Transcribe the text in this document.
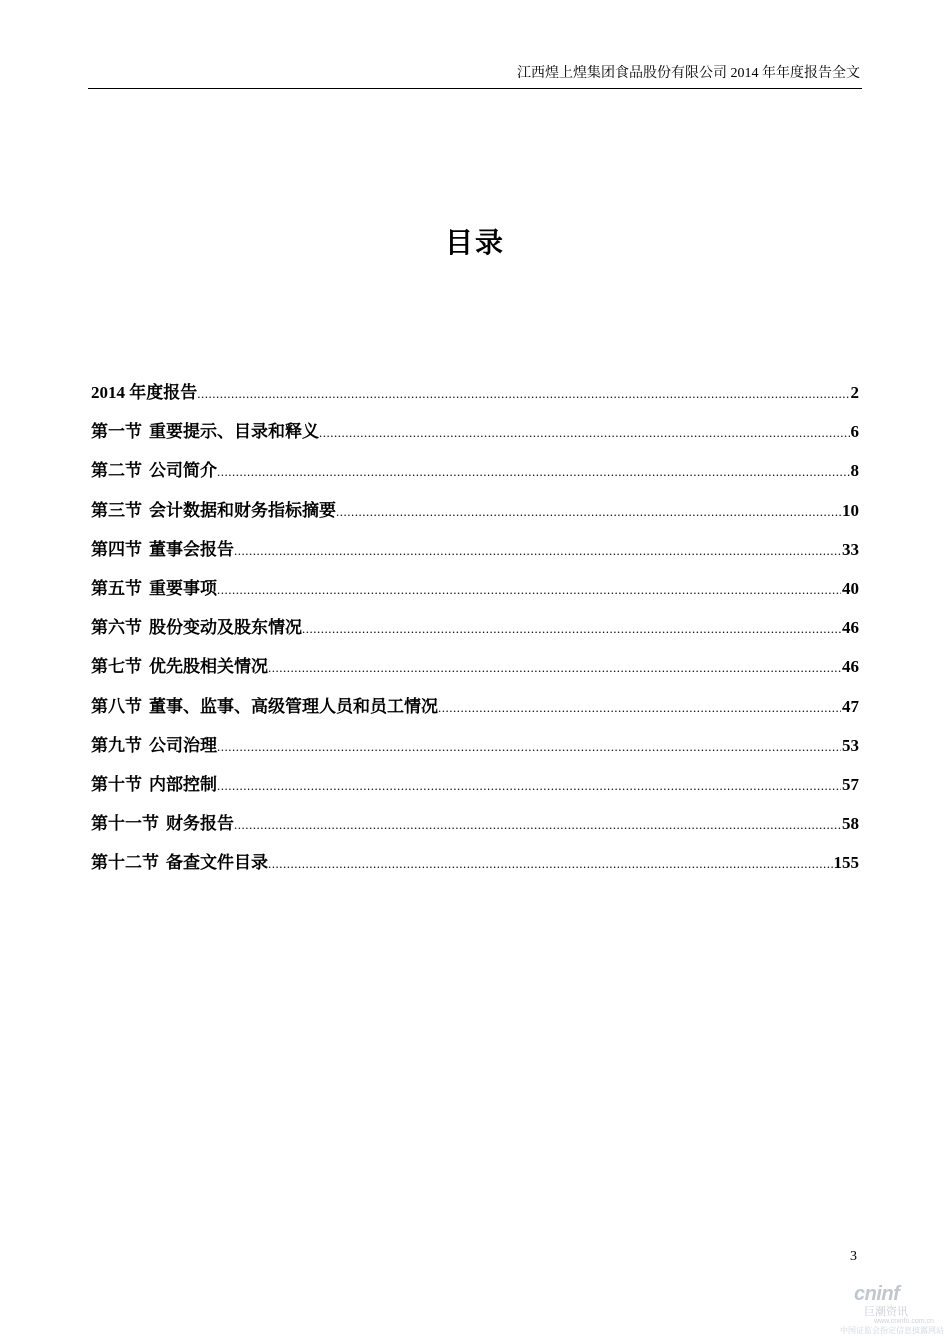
江西煌上煌集团食品股份有限公司 2014 年年度报告全文
目录
2014 年度报告 .....	2
第一节 重要提示、目录和释义 .....	6
第二节 公司简介 .....	8
第三节 会计数据和财务指标摘要 .....	10
第四节 董事会报告 .....	33
第五节 重要事项 .....	40
第六节 股份变动及股东情况 .....	46
第七节 优先股相关情况 .....	46
第八节 董事、监事、高级管理人员和员工情况 .....	47
第九节 公司治理 .....	53
第十节 内部控制 .....	57
第十一节 财务报告 .....	58
第十二节 备查文件目录 .....	155
3
cninf
巨潮资讯
www.cninfo.com.cn
中国证监会指定信息披露网站
